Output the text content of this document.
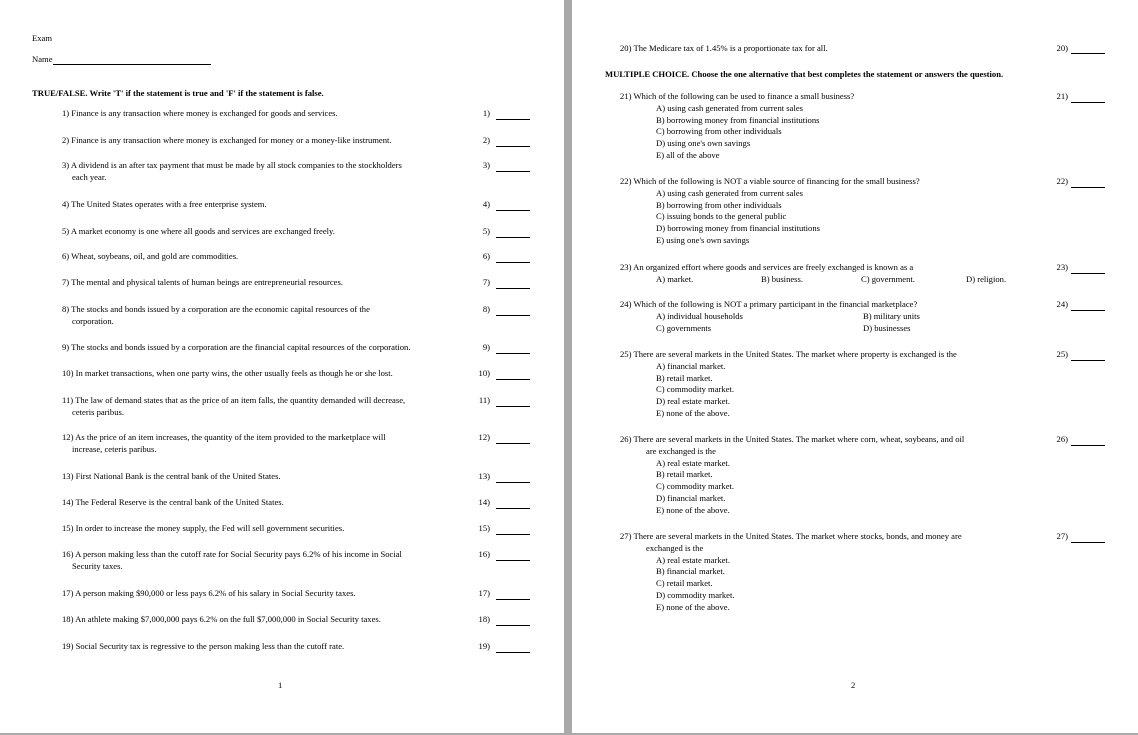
Exam
Name
TRUE/FALSE. Write 'T' if the statement is true and 'F' if the statement is false.
1) Finance is any transaction where money is exchanged for goods and services.	1)
2) Finance is any transaction where money is exchanged for money or a money-like instrument.	2)
3) A dividend is an after tax payment that must be made by all stock companies to the stockholders
each year.
3)
4) The United States operates with a free enterprise system.	4)
5) A market economy is one where all goods and services are exchanged freely.	5)
6) Wheat, soybeans, oil, and gold are commodities.	6)
7) The mental and physical talents of human beings are entrepreneurial resources.	7)
8) The stocks and bonds issued by a corporation are the economic capital resources of the
corporation.
8)
9) The stocks and bonds issued by a corporation are the financial capital resources of the corporation.	9)
10) In market transactions, when one party wins, the other usually feels as though he or she lost.	10)
11) The law of demand states that as the price of an item falls, the quantity demanded will decrease,
ceteris paribus.
11)
12) As the price of an item increases, the quantity of the item provided to the marketplace will
increase, ceteris paribus.
12)
13) First National Bank is the central bank of the United States.	13)
14) The Federal Reserve is the central bank of the United States.	14)
15) In order to increase the money supply, the Fed will sell government securities.	15)
16) A person making less than the cutoff rate for Social Security pays 6.2% of his income in Social
Security taxes.
16)
17) A person making $90,000 or less pays 6.2% of his salary in Social Security taxes.	17)
18) An athlete making $7,000,000 pays 6.2% on the full $7,000,000 in Social Security taxes.	18)
19) Social Security tax is regressive to the person making less than the cutoff rate.	19)
1
20) The Medicare tax of 1.45% is a proportionate tax for all.	20)
MULTIPLE CHOICE. Choose the one alternative that best completes the statement or answers the question.
21) Which of the following can be used to finance a small business?
A) using cash generated from current sales
B) borrowing money from financial institutions
C) borrowing from other individuals
D) using one's own savings
E) all of the above
21)
22) Which of the following is NOT a viable source of financing for the small business?
A) using cash generated from current sales
B) borrowing from other individuals
C) issuing bonds to the general public
D) borrowing money from financial institutions
E) using one's own savings
22)
23) An organized effort where goods and services are freely exchanged is known as a
A) market.	B) business.	C) government.	D) religion.
23)
24) Which of the following is NOT a primary participant in the financial marketplace?
A) individual households	B) military units
C) governments	D) businesses
24)
25) There are several markets in the United States. The market where property is exchanged is the
A) financial market.
B) retail market.
C) commodity market.
D) real estate market.
E) none of the above.
25)
26) There are several markets in the United States. The market where corn, wheat, soybeans, and oil
are exchanged is the
A) real estate market.
B) retail market.
C) commodity market.
D) financial market.
E) none of the above.
26)
27) There are several markets in the United States. The market where stocks, bonds, and money are
exchanged is the
A) real estate market.
B) financial market.
C) retail market.
D) commodity market.
E) none of the above.
27)
2
